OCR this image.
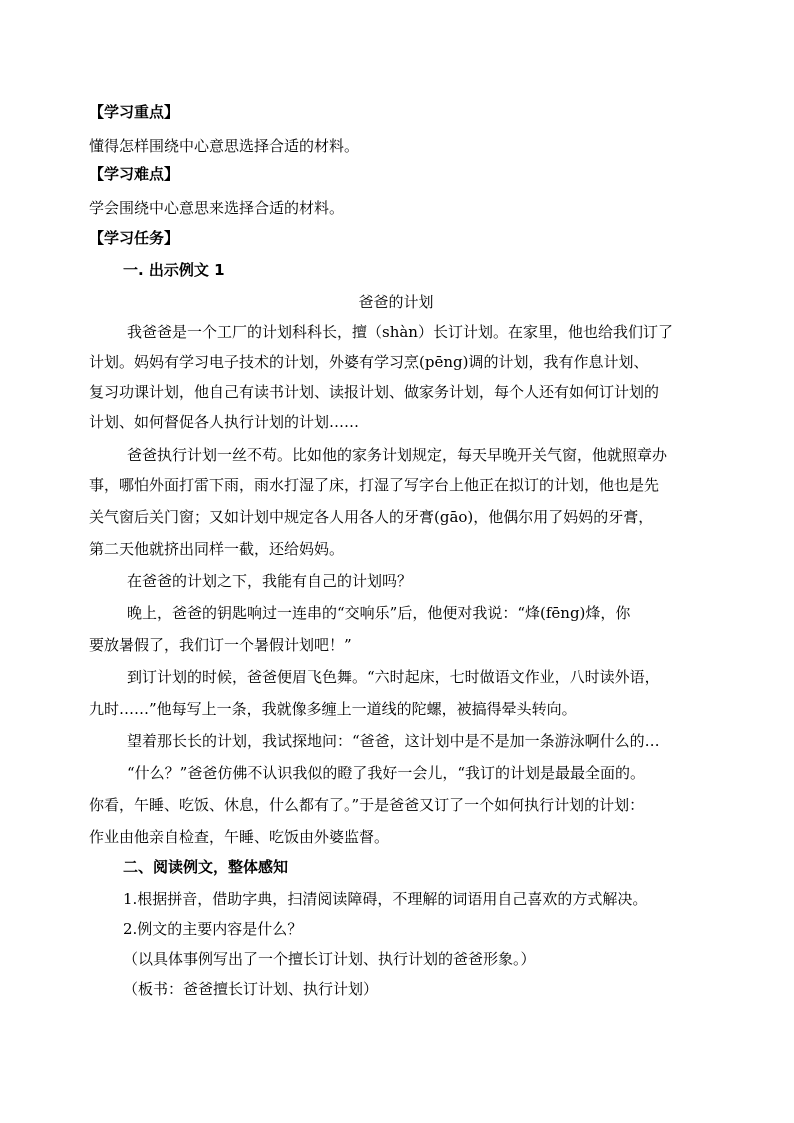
【学习重点】
懂得怎样围绕中心意思选择合适的材料。
【学习难点】
学会围绕中心意思来选择合适的材料。
【学习任务】
一. 出示例文 1
爸爸的计划
我爸爸是一个工厂的计划科科长，擅（shàn）长订计划。在家里，他也给我们订了
计划。妈妈有学习电子技术的计划，外婆有学习烹(pēng)调的计划，我有作息计划、
复习功课计划，他自己有读书计划、读报计划、做家务计划，每个人还有如何订计划的
计划、如何督促各人执行计划的计划……
爸爸执行计划一丝不苟。比如他的家务计划规定，每天早晚开关气窗，他就照章办
事，哪怕外面打雷下雨，雨水打湿了床，打湿了写字台上他正在拟订的计划，他也是先
关气窗后关门窗；又如计划中规定各人用各人的牙膏(gāo)，他偶尔用了妈妈的牙膏，
第二天他就挤出同样一截，还给妈妈。
在爸爸的计划之下，我能有自己的计划吗？
晚上，爸爸的钥匙响过一连串的“交响乐”后，他便对我说：“烽(fēng)烽，你
要放暑假了，我们订一个暑假计划吧！”
到订计划的时候，爸爸便眉飞色舞。“六时起床，七时做语文作业，八时读外语，
九时……”他每写上一条，我就像多缠上一道线的陀螺，被搞得晕头转向。
望着那长长的计划，我试探地问：“爸爸，这计划中是不是加一条游泳啊什么的…
“什么？”爸爸仿佛不认识我似的瞪了我好一会儿，“我订的计划是最最全面的。
你看，午睡、吃饭、休息，什么都有了。”于是爸爸又订了一个如何执行计划的计划：
作业由他亲自检查，午睡、吃饭由外婆监督。
二、阅读例文，整体感知
1.根据拼音，借助字典，扫清阅读障碍，不理解的词语用自己喜欢的方式解决。
2.例文的主要内容是什么？
（以具体事例写出了一个擅长订计划、执行计划的爸爸形象。）
（板书：爸爸擅长订计划、执行计划）
